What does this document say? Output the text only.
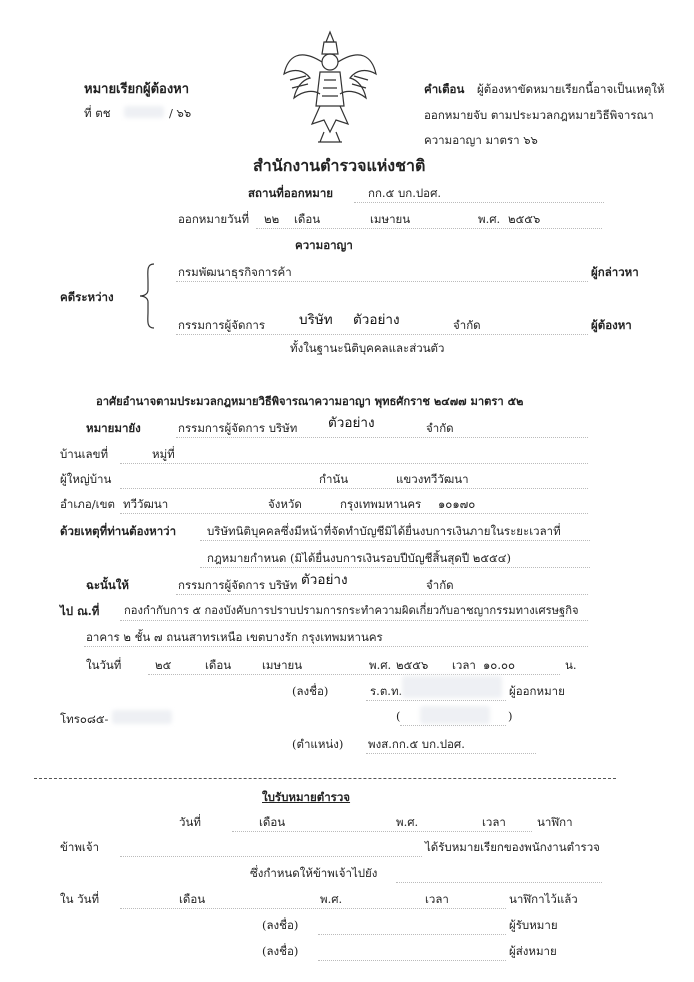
หมายเรียกผู้ต้องหา
ที่ ตช	/ ๖๖
คำเตือน ผู้ต้องหาขัดหมายเรียกนี้อาจเป็นเหตุให้
ออกหมายจับ ตามประมวลกฎหมายวิธีพิจารณา
ความอาญา มาตรา ๖๖
สำนักงานตำรวจแห่งชาติ
สถานที่ออกหมาย	กก.๕ บก.ปอศ.
ออกหมายวันที่ ๒๒ เดือน	เมษายน	พ.ศ. ๒๕๕๖
ความอาญา
คดีระหว่าง
กรมพัฒนาธุรกิจการค้า	ผู้กล่าวหา
กรรมการผู้จัดการ	บริษัท ตัวอย่าง	จำกัด	ผู้ต้องหา
ทั้งในฐานะนิติบุคคลและส่วนตัว
อาศัยอำนาจตามประมวลกฎหมายวิธีพิจารณาความอาญา พุทธศักราช ๒๔๗๗ มาตรา ๕๒
หมายมายัง	กรรมการผู้จัดการ บริษัท ตัวอย่าง	จำกัด
บ้านเลขที่	หมู่ที่
ผู้ใหญ่บ้าน	กำนัน	แขวงทวีวัฒนา
อำเภอ/เขต ทวีวัฒนา	จังหวัด	กรุงเทพมหานคร ๑๐๑๗๐
ด้วยเหตุที่ท่านต้องหาว่า	บริษัทนิติบุคคลซึ่งมีหน้าที่จัดทำบัญชีมิได้ยื่นงบการเงินภายในระยะเวลาที่
กฎหมายกำหนด (มิได้ยื่นงบการเงินรอบปีบัญชีสิ้นสุดปี ๒๕๕๔)
ฉะนั้นให้	กรรมการผู้จัดการ บริษัท ตัวอย่าง	จำกัด
ไป ณ.ที่ กองกำกับการ ๕ กองบังคับการปราบปรามการกระทำความผิดเกี่ยวกับอาชญากรรมทางเศรษฐกิจ
อาคาร ๒ ชั้น ๗ ถนนสาทรเหนือ เขตบางรัก กรุงเทพมหานคร
ในวันที่	๒๕	เดือน	เมษายน	พ.ศ. ๒๕๕๖ เวลา ๑๐.๐๐	น.
(ลงชื่อ)	ร.ต.ท.	ผู้ออกหมาย
โทร๐๘๕-	(	)
(ตำแหน่ง) พงส.กก.๕ บก.ปอศ.
ใบรับหมายตำรวจ
วันที่	เดือน	พ.ศ.	เวลา	นาฬิกา
ข้าพเจ้า	ได้รับหมายเรียกของพนักงานตำรวจ
ซึ่งกำหนดให้ข้าพเจ้าไปยัง
ใน วันที่	เดือน	พ.ศ.	เวลา	นาฬิกาไว้แล้ว
(ลงชื่อ)	ผู้รับหมาย
(ลงชื่อ)	ผู้ส่งหมาย
